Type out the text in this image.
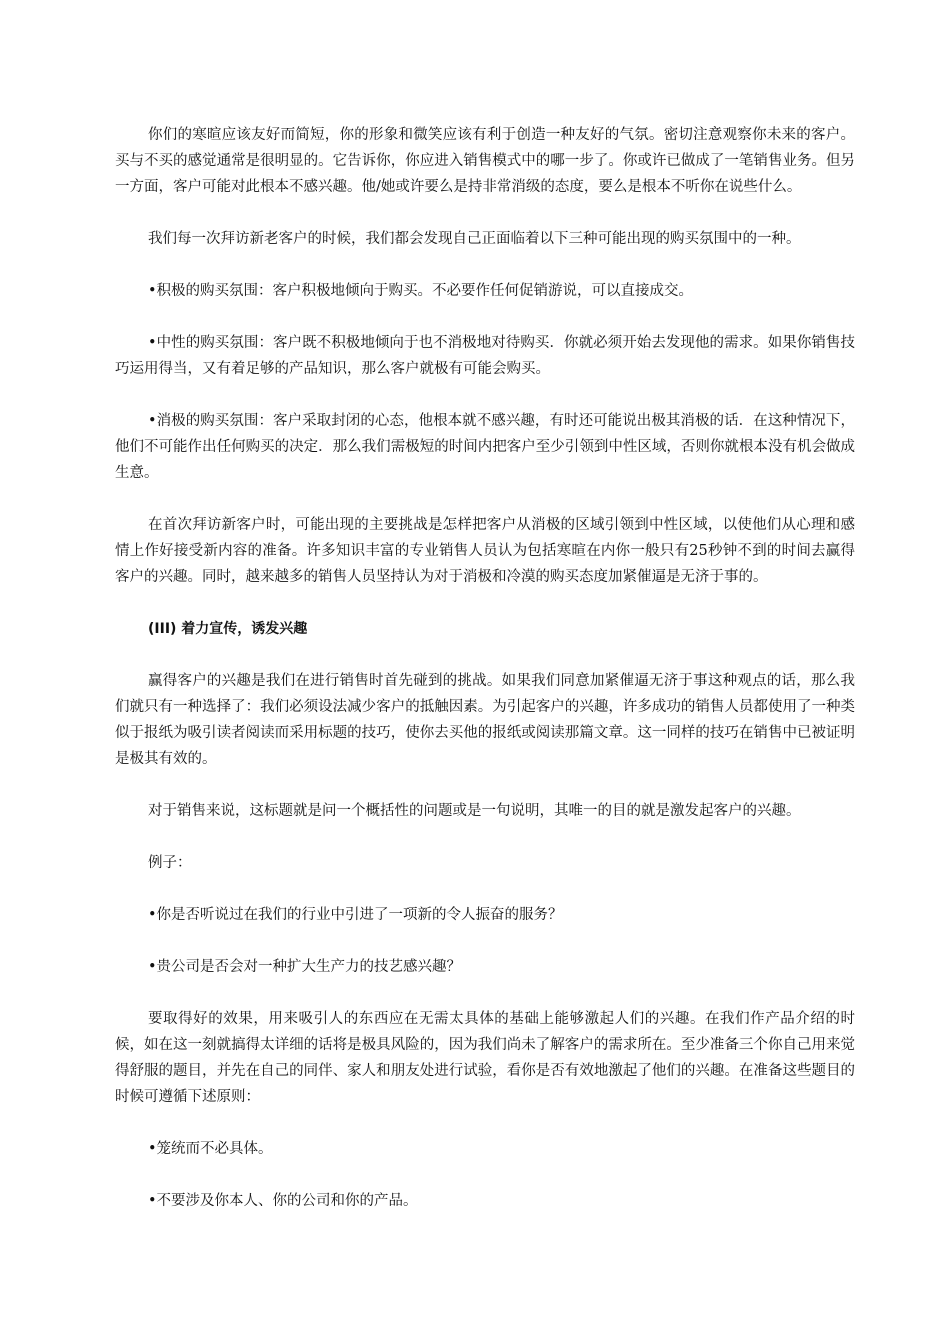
你们的寒暄应该友好而简短，你的形象和微笑应该有利于创造一种友好的气氛。密切注意观察你未来的客户。买与不买的感觉通常是很明显的。它告诉你，你应进入销售模式中的哪一步了。你或许已做成了一笔销售业务。但另一方面，客户可能对此根本不感兴趣。他/她或许要么是持非常消级的态度，要么是根本不听你在说些什么。

我们每一次拜访新老客户的时候，我们都会发现自己正面临着以下三种可能出现的购买氛围中的一种。

•积极的购买氛围：客户积极地倾向于购买。不必要作任何促销游说，可以直接成交。

•中性的购买氛围：客户既不积极地倾向于也不消极地对待购买．你就必须开始去发现他的需求。如果你销售技巧运用得当，又有着足够的产品知识，那么客户就极有可能会购买。

•消极的购买氛围：客户采取封闭的心态，他根本就不感兴趣，有时还可能说出极其消极的话．在这种情况下，他们不可能作出任何购买的决定．那么我们需极短的时间内把客户至少引领到中性区域，否则你就根本没有机会做成生意。

在首次拜访新客户时，可能出现的主要挑战是怎样把客户从消极的区域引领到中性区域，以使他们从心理和感情上作好接受新内容的准备。许多知识丰富的专业销售人员认为包括寒暄在内你一般只有25秒钟不到的时间去赢得客户的兴趣。同时，越来越多的销售人员坚持认为对于消极和冷漠的购买态度加紧催逼是无济于事的。

(III) 着力宣传，诱发兴趣

赢得客户的兴趣是我们在进行销售时首先碰到的挑战。如果我们同意加紧催逼无济于事这种观点的话，那么我们就只有一种选择了：我们必须设法减少客户的抵触因素。为引起客户的兴趣，许多成功的销售人员都使用了一种类似于报纸为吸引读者阅读而采用标题的技巧，使你去买他的报纸或阅读那篇文章。这一同样的技巧在销售中已被证明是极其有效的。

对于销售来说，这标题就是问一个概括性的问题或是一句说明，其唯一的目的就是激发起客户的兴趣。

例子：

•你是否听说过在我们的行业中引进了一项新的令人振奋的服务？

•贵公司是否会对一种扩大生产力的技艺感兴趣？

要取得好的效果，用来吸引人的东西应在无需太具体的基础上能够激起人们的兴趣。在我们作产品介绍的时候，如在这一刻就搞得太详细的话将是极具风险的，因为我们尚未了解客户的需求所在。至少准备三个你自己用来觉得舒服的题目，并先在自己的同伴、家人和朋友处进行试验，看你是否有效地激起了他们的兴趣。在准备这些题目的时候可遵循下述原则：

•笼统而不必具体。

•不要涉及你本人、你的公司和你的产品。
